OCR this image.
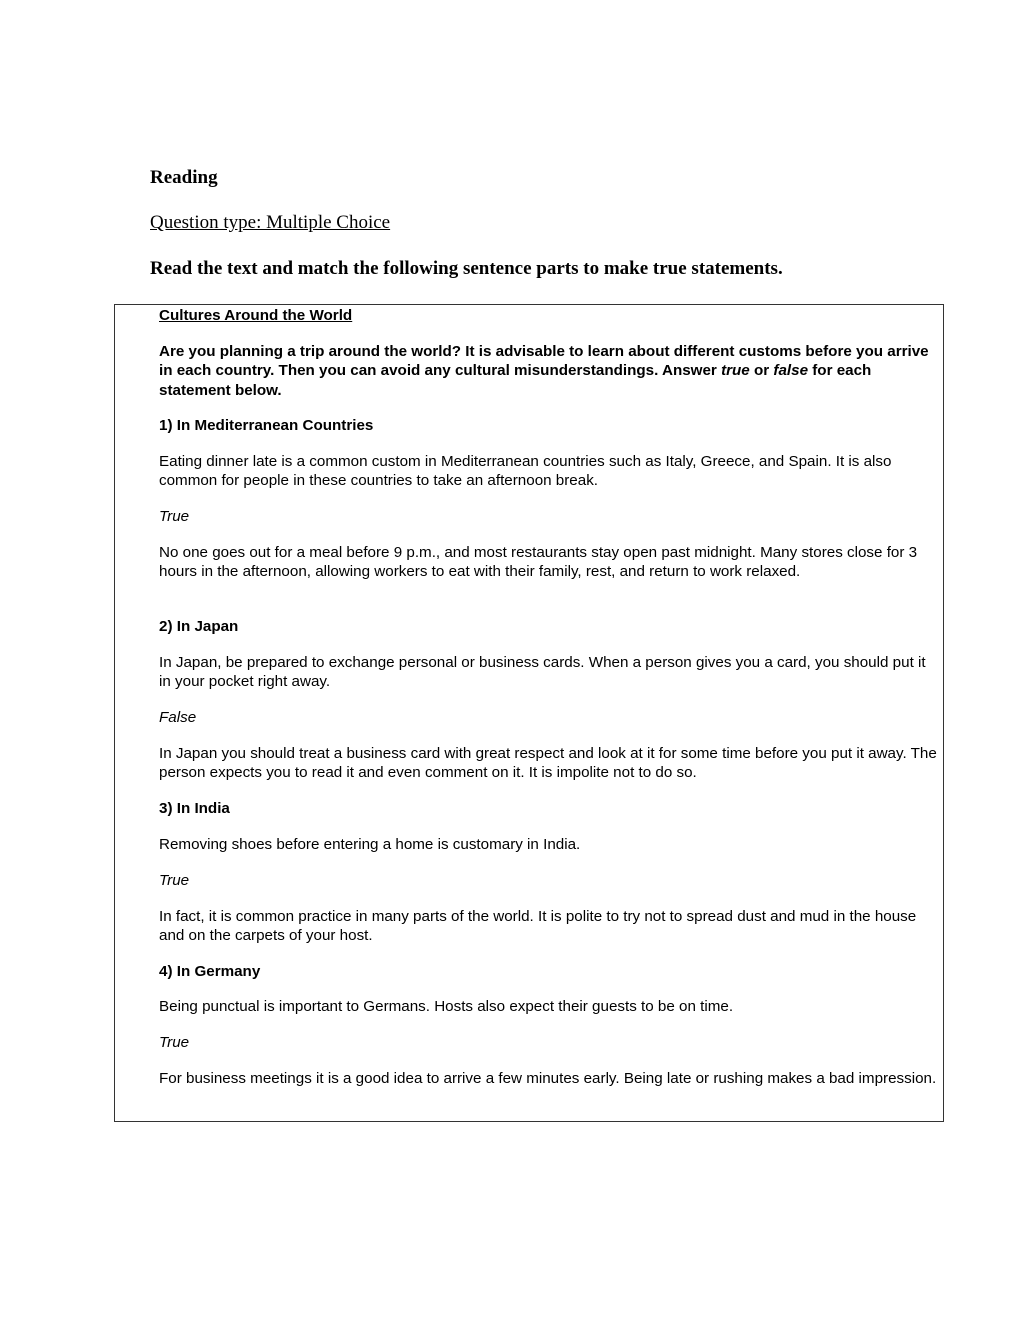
Reading

Question type: Multiple Choice

Read the text and match the following sentence parts to make true statements.

Cultures Around the World

Are you planning a trip around the world? It is advisable to learn about different customs before you arrive in each country. Then you can avoid any cultural misunderstandings. Answer true or false for each statement below.

1) In Mediterranean Countries

Eating dinner late is a common custom in Mediterranean countries such as Italy, Greece, and Spain. It is also common for people in these countries to take an afternoon break.

True

No one goes out for a meal before 9 p.m., and most restaurants stay open past midnight. Many stores close for 3 hours in the afternoon, allowing workers to eat with their family, rest, and return to work relaxed.

2) In Japan

In Japan, be prepared to exchange personal or business cards. When a person gives you a card, you should put it in your pocket right away.

False

In Japan you should treat a business card with great respect and look at it for some time before you put it away. The person expects you to read it and even comment on it. It is impolite not to do so.

3) In India

Removing shoes before entering a home is customary in India.

True

In fact, it is common practice in many parts of the world. It is polite to try not to spread dust and mud in the house and on the carpets of your host.

4) In Germany

Being punctual is important to Germans. Hosts also expect their guests to be on time.

True

For business meetings it is a good idea to arrive a few minutes early. Being late or rushing makes a bad impression.
